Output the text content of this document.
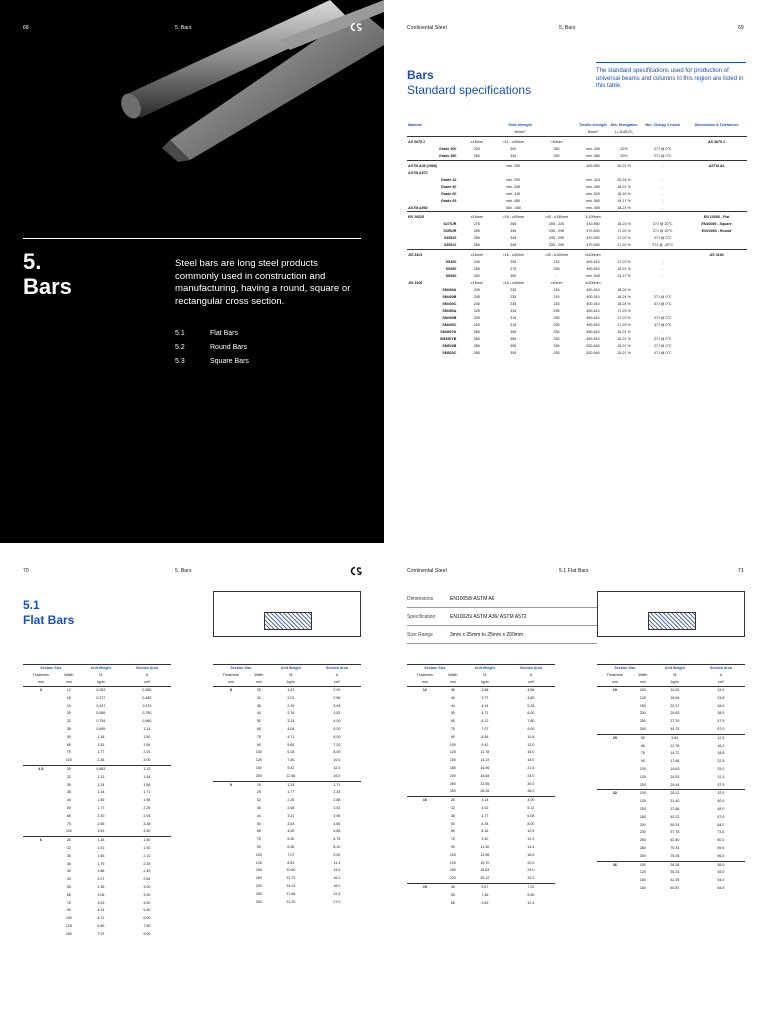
68	5. Bars
5.
Bars
Steel bars are long steel products commonly used in construction and manufacturing, having a round, square or rectangular cross section.
5.1	Flat Bars
5.2	Round Bars
5.3	Square Bars
Continental Steel	5. Bars	69
Bars
Standard specifications
The standard specifications used for production of universal beams and columns in this region are listed in this table.
Material	Yield strength			Tensile strength	Min. Elongation	Min. Charpy V-notch	Dimensions & Tolerances
	N/mm²			N/mm²	L₀=5.65√S₀		
AS 3679.1	≤16mm	>11 - ≤40mm	>40mm				AS 3679.1
Grade 300	320	300	280	min. 440	22%	27J @ 0°C	
Grade 350	360	340	330	min. 480	20%	27J @ 0°C	
ASTM A36 (1996)		min. 250		400-550	20-21 %	-	ASTM A6
ASTM A572							
Grade 42		min. 290		min. 415	20-24 %	-	
Grade 50		min. 345		min. 450	18-21 %	-	
Grade 60		min. 415		min. 520	16-18 %	-	
Grade 65		min. 450		min. 550	15-17 %	-	
ASTM A992		345 - 450		min. 450	18-21 %	-	
EN 10025	≤16mm	>16 - ≤40mm	>40 - ≤150mm	3-100mm			EN 10058 - Flat
S275JR	275	265	255 - 225	410-560	18-23 %	27J @ 20°C	EN10059 - Square
S355JR	355	345	335 - 295	470-630	17-22 %	27J @ 20°C	EN10060 - Round
S355J0	355	345	335 - 295	470-630	17-22 %	27J @ 0°C	
S355J2	355	345	335 - 295	470-630	17-22 %	27J @ -20°C	
JIS 3101	≤16mm	>16 - ≤40mm	>40 - ≤100mm	t≤100mm			JIS 3192
SS400	245	235	215	400-510	17-23 %	-	
SS490	285	275	255	490-610	15-21 %	-	
SS540	400	390	-	min. 540	13-17 %	-	
JIS 3106	≤16mm	>16 - ≤40mm	>40mm	t≤100mm			
SM400A	245	235	215	400-510	18-24 %	-	
SM400B	245	235	215	400-510	18-24 %	27J @ 0°C	
SM400C	245	235	215	400-510	18-24 %	47J @ 0°C	
SM490A	325	315	295	490-610	17-23 %	-	
SM490B	325	315	295	490-610	17-23 %	27J @ 0°C	
SM490C	325	315	295	490-610	17-23 %	47J @ 0°C	
SM490YA	365	355	335	490-610	15-21 %	-	
SM490YB	365	355	335	490-610	15-21 %	27J @ 0°C	
SM520B	365	355	335	520-640	15-21 %	27J @ 0°C	
SM520C	365	355	335	520-640	15-21 %	47J @ 0°C	
70	5. Bars
5.1
Flat Bars
Section Size		Unit Weight	Section Area
Thickness	Width	M	A
mm	mm	kg/m	cm²
3	12	0.283	0.360
	16	0.377	0.480
	19	0.447	0.570
	25	0.589	0.750
	32	0.754	0.960
	38	0.895	1.14
	50	1.18	1.50
	65	1.53	1.95
	75	1.77	2.25
	100	2.36	3.00
4.5	25	0.883	1.13
	32	1.13	1.44
	35	1.24	1.58
	38	1.34	1.71
	44	1.55	1.98
	50	1.77	2.25
	65	2.30	2.93
	75	2.65	3.38
	100	3.53	4.50
6	25	1.18	1.50
	32	1.51	1.92
	35	1.65	2.10
	38	1.79	2.28
	40	1.88	2.40
	44	2.07	2.64
	50	2.36	3.00
	65	3.06	3.90
	75	3.53	4.50
	90	4.24	5.40
	100	4.71	6.00
	125	5.89	7.50
	150	7.07	9.00
Section Size		Unit Weight	Section Area
Thickness	Width	M	A
mm	mm	kg/m	cm²
8	25	1.57	2.00
	32	2.01	2.56
	38	2.39	3.04
	44	2.76	3.52
	50	3.14	4.00
	65	4.08	5.20
	75	4.71	6.00
	90	5.65	7.20
	100	6.28	8.00
	125	7.85	10.0
	150	9.42	12.0
	200	12.56	16.0
9	19	1.34	1.71
	25	1.77	2.25
	32	2.26	2.88
	38	2.68	3.42
	44	3.11	3.96
	50	3.53	4.50
	65	4.59	5.85
	75	5.30	6.75
	90	6.36	8.10
	100	7.07	9.00
	125	8.83	11.3
	150	10.60	13.5
	180	12.72	16.2
	200	14.13	18.0
	250	17.66	22.5
	300	21.20	27.0
Continental Steel	5.1 Flat Bars	71
Dimensions	EN10058/ ASTM A6
Specification	EN10025/ ASTM A36/ ASTM A572
Size Range	3mm x 25mm to 25mm x 200mm
Section Size		Unit Weight	Section Area
Thickness	Width	M	A
mm	mm	kg/m	cm²
12	38	3.58	4.56
	40	3.77	4.80
	44	4.14	5.28
	50	4.71	6.00
	65	6.12	7.80
	75	7.07	9.00
	90	8.48	10.8
	100	9.42	12.0
	125	11.78	15.0
	150	14.13	18.0
	180	16.96	21.6
	200	18.84	24.0
	250	23.55	30.0
	300	28.26	36.0
16	25	3.14	4.00
	32	4.02	5.12
	38	4.77	6.08
	50	6.28	8.00
	65	8.16	10.4
	75	9.42	12.0
	90	11.30	14.4
	100	12.56	16.0
	125	15.70	20.0
	150	18.84	24.0
	200	25.12	32.0
19	38	5.67	7.22
	50	7.46	9.50
	65	9.69	12.4
Section Size		Unit Weight	Section Area
Thickness	Width	M	A
mm	mm	kg/m	cm²
19	100	14.92	19.0
	125	18.64	23.8
	150	22.37	28.5
	200	29.83	38.0
	250	37.29	47.5
	300	44.75	57.0
25	50	9.81	12.5
	65	12.76	16.3
	75	14.72	18.8
	90	17.66	22.5
	100	19.63	25.0
	125	24.53	31.3
	150	29.44	37.5
32	100	25.12	32.0
	125	31.40	40.0
	150	37.68	48.0
	180	45.22	57.6
	200	50.24	64.0
	230	57.78	73.6
	250	62.80	80.0
	280	70.34	89.6
	300	75.36	96.0
36	100	28.26	36.0
	125	35.33	45.0
	150	42.39	54.0
	180	50.87	64.8
